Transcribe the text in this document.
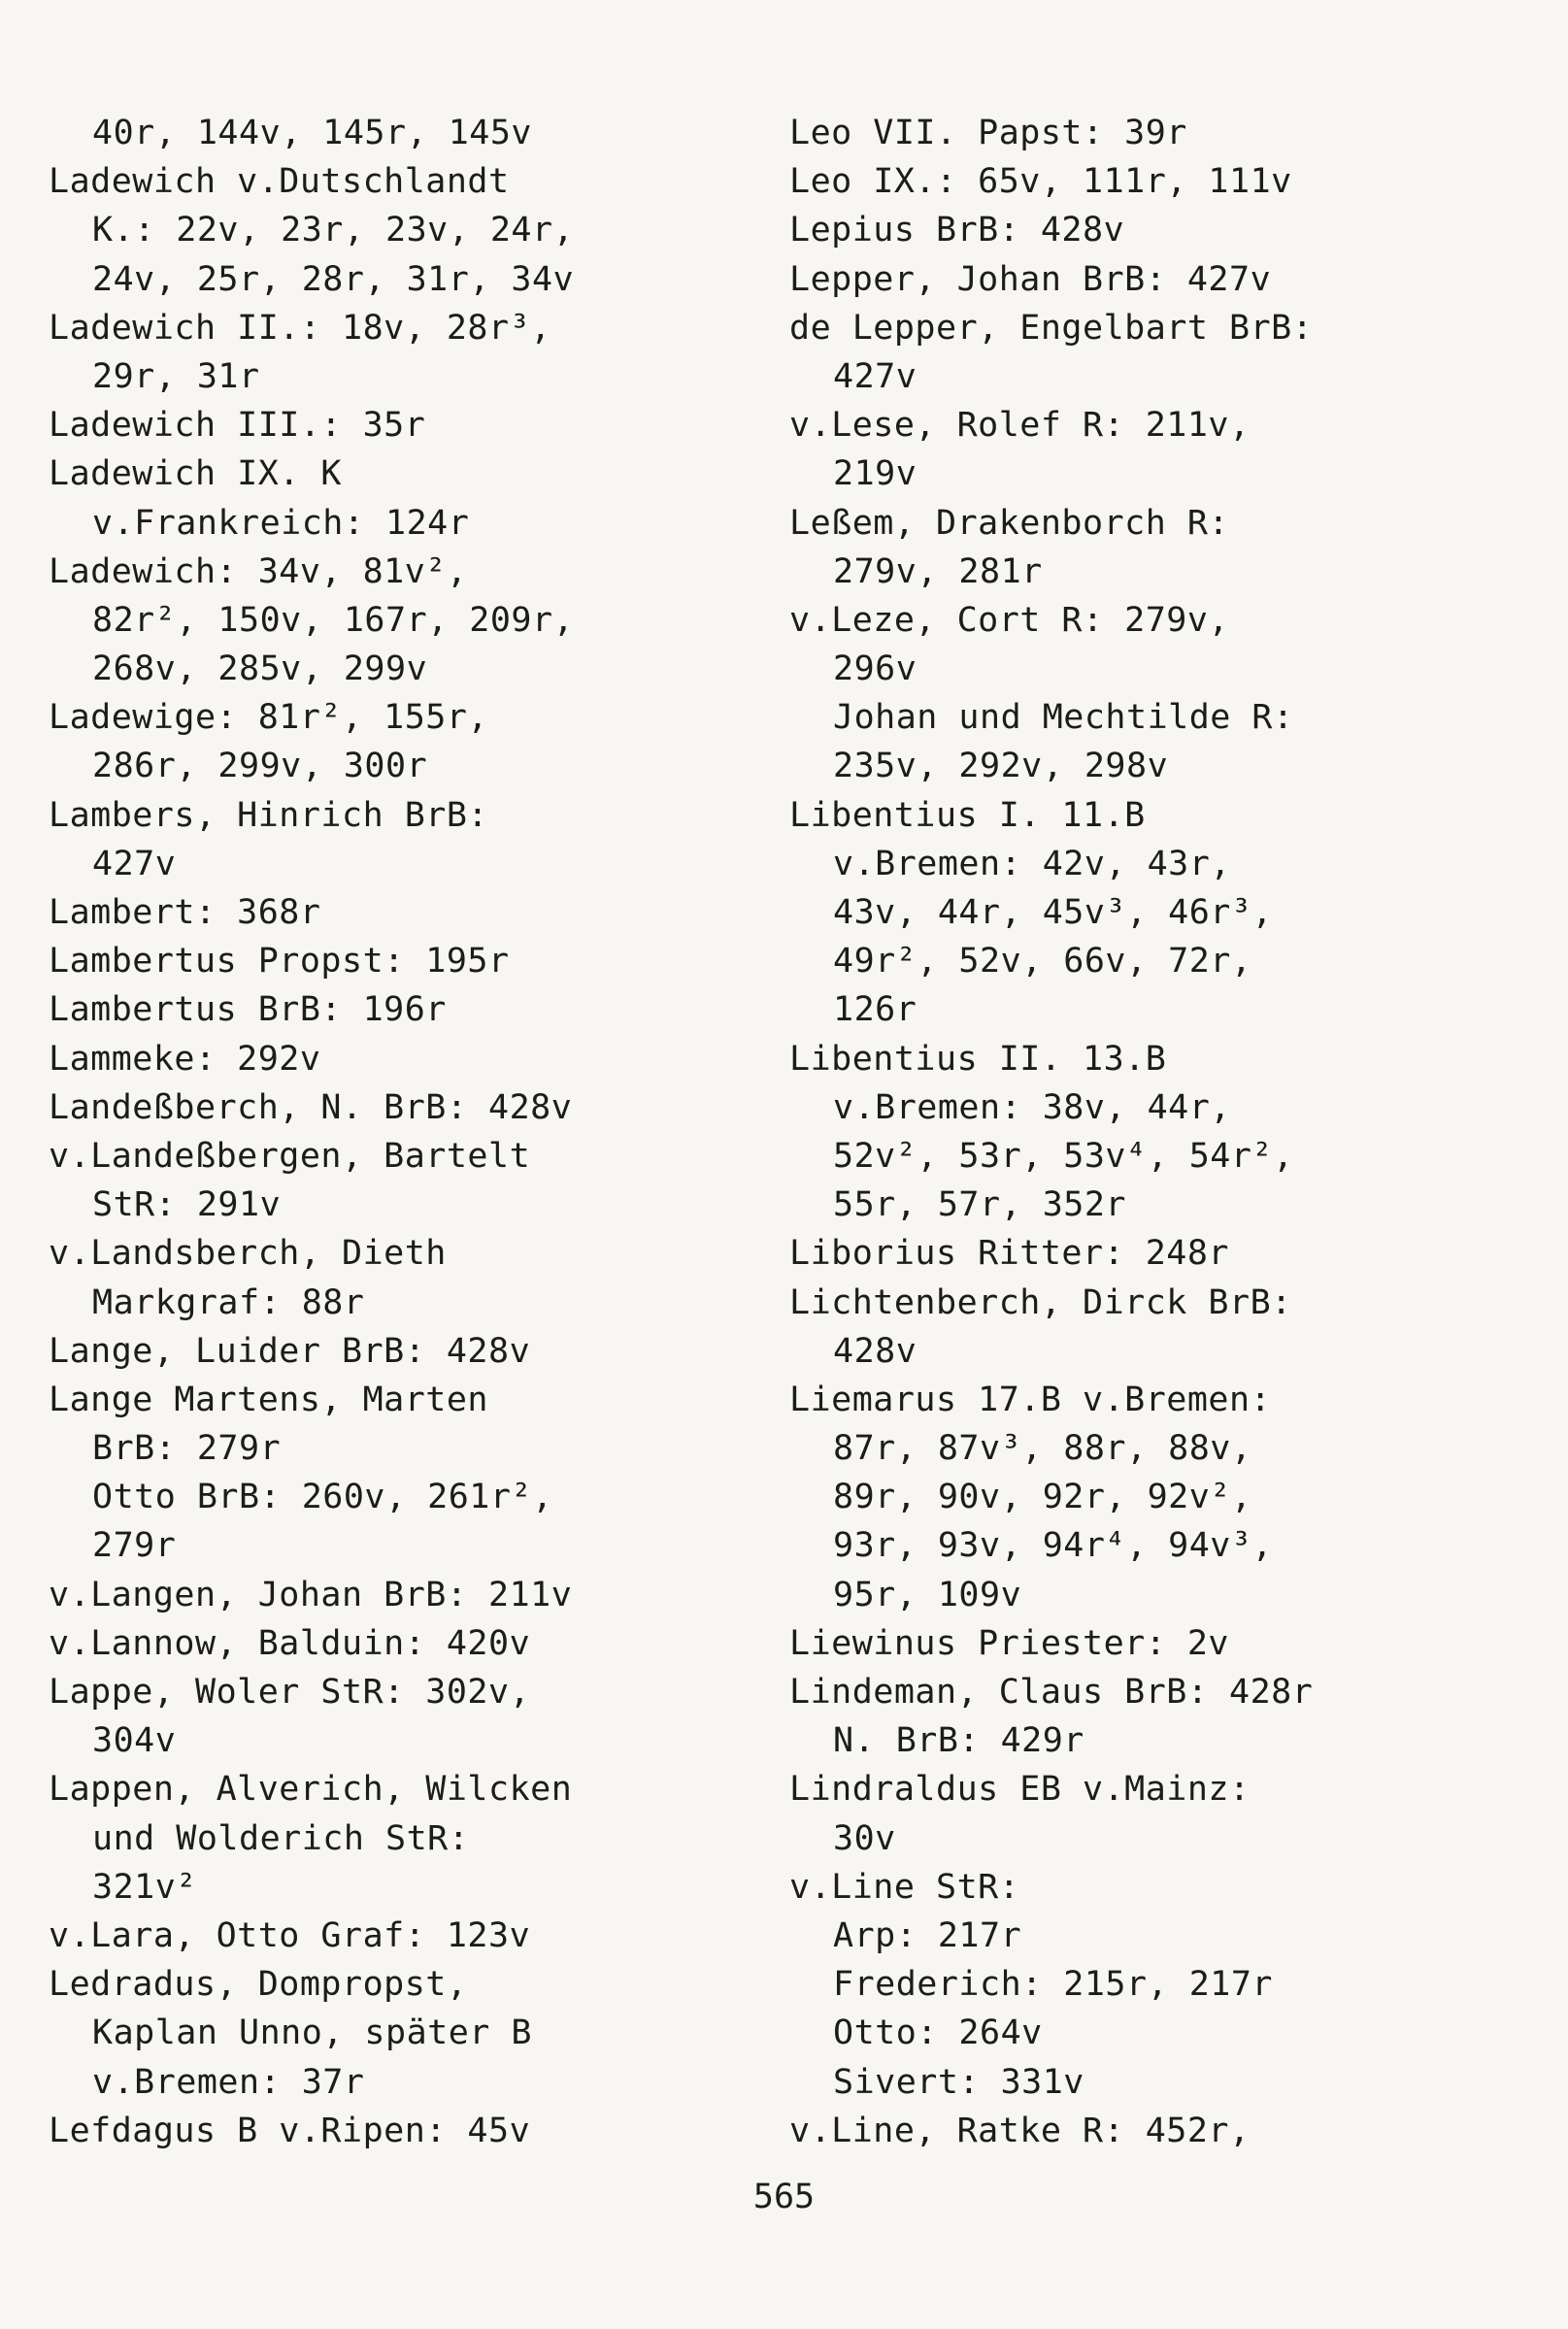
40r, 144v, 145r, 145v
Ladewich v.Dutschlandt
K.: 22v, 23r, 23v, 24r,
24v, 25r, 28r, 31r, 34v
Ladewich II.: 18v, 28r³,
29r, 31r
Ladewich III.: 35r
Ladewich IX. K
v.Frankreich: 124r
Ladewich: 34v, 81v²,
82r², 150v, 167r, 209r,
268v, 285v, 299v
Ladewige: 81r², 155r,
286r, 299v, 300r
Lambers, Hinrich BrB:
427v
Lambert: 368r
Lambertus Propst: 195r
Lambertus BrB: 196r
Lammeke: 292v
Landeßberch, N. BrB: 428v
v.Landeßbergen, Bartelt
StR: 291v
v.Landsberch, Dieth
Markgraf: 88r
Lange, Luider BrB: 428v
Lange Martens, Marten
BrB: 279r
Otto BrB: 260v, 261r²,
279r
v.Langen, Johan BrB: 211v
v.Lannow, Balduin: 420v
Lappe, Woler StR: 302v,
304v
Lappen, Alverich, Wilcken
und Wolderich StR:
321v²
v.Lara, Otto Graf: 123v
Ledradus, Dompropst,
Kaplan Unno, später B
v.Bremen: 37r
Lefdagus B v.Ripen: 45v
Leo VII. Papst: 39r
Leo IX.: 65v, 111r, 111v
Lepius BrB: 428v
Lepper, Johan BrB: 427v
de Lepper, Engelbart BrB:
427v
v.Lese, Rolef R: 211v,
219v
Leßem, Drakenborch R:
279v, 281r
v.Leze, Cort R: 279v,
296v
Johan und Mechtilde R:
235v, 292v, 298v
Libentius I. 11.B
v.Bremen: 42v, 43r,
43v, 44r, 45v³, 46r³,
49r², 52v, 66v, 72r,
126r
Libentius II. 13.B
v.Bremen: 38v, 44r,
52v², 53r, 53v⁴, 54r²,
55r, 57r, 352r
Liborius Ritter: 248r
Lichtenberch, Dirck BrB:
428v
Liemarus 17.B v.Bremen:
87r, 87v³, 88r, 88v,
89r, 90v, 92r, 92v²,
93r, 93v, 94r⁴, 94v³,
95r, 109v
Liewinus Priester: 2v
Lindeman, Claus BrB: 428r
N. BrB: 429r
Lindraldus EB v.Mainz:
30v
v.Line StR:
Arp: 217r
Frederich: 215r, 217r
Otto: 264v
Sivert: 331v
v.Line, Ratke R: 452r,
565
